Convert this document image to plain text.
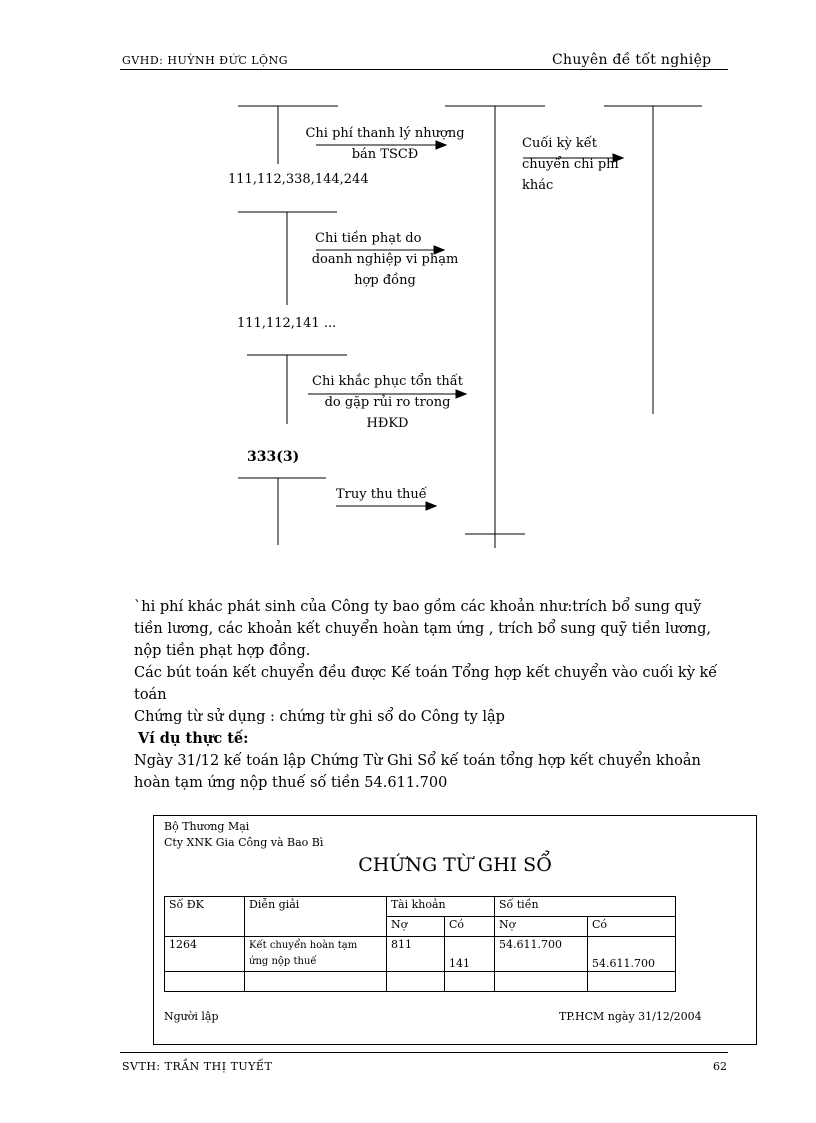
GVHD: HUỲNH ĐỨC LỘNG	Chuyên đề tốt nghiệp
Chi phí thanh lý nhượng
bán TSCĐ
111,112,338,144,244
Chi tiền phạt do
doanh nghiệp vi phạm
hợp đồng
111,112,141 ...
Chi khắc phục tổn thất
do gặp rủi ro trong
HĐKD
333(3)
Truy thu thuế
Cuối kỳ kết
chuyển chi phí
khác

`hi phí khác phát sinh của Công ty bao gồm các khoản như:trích bổ sung quỹ tiền lương, các khoản kết chuyển hoàn tạm ứng , trích bổ sung quỹ tiền lương, nộp tiền phạt hợp đồng.

Các bút toán kết chuyển đều được Kế toán Tổng hợp kết chuyển vào cuối kỳ kế toán

Chứng từ sử dụng : chứng từ ghi sổ do Công ty lập

Ví dụ thực tế:

Ngày 31/12 kế toán lập Chứng Từ Ghi Sổ kế toán tổng hợp kết chuyển khoản hoàn tạm ứng nộp thuế số tiền 54.611.700

Bộ Thương Mại
Cty XNK Gia Công và Bao Bì
CHỨNG TỪ GHI SỔ
Số ĐK	Diễn giải	Tài khoản		Số tiền	
		Nợ	Có	Nợ	Có
1264	Kết chuyển hoàn tạm
ứng nộp thuế	811	141	54.611.700	54.611.700

Người lập	TP.HCM ngày 31/12/2004
SVTH: TRẦN THỊ TUYẾT	62
